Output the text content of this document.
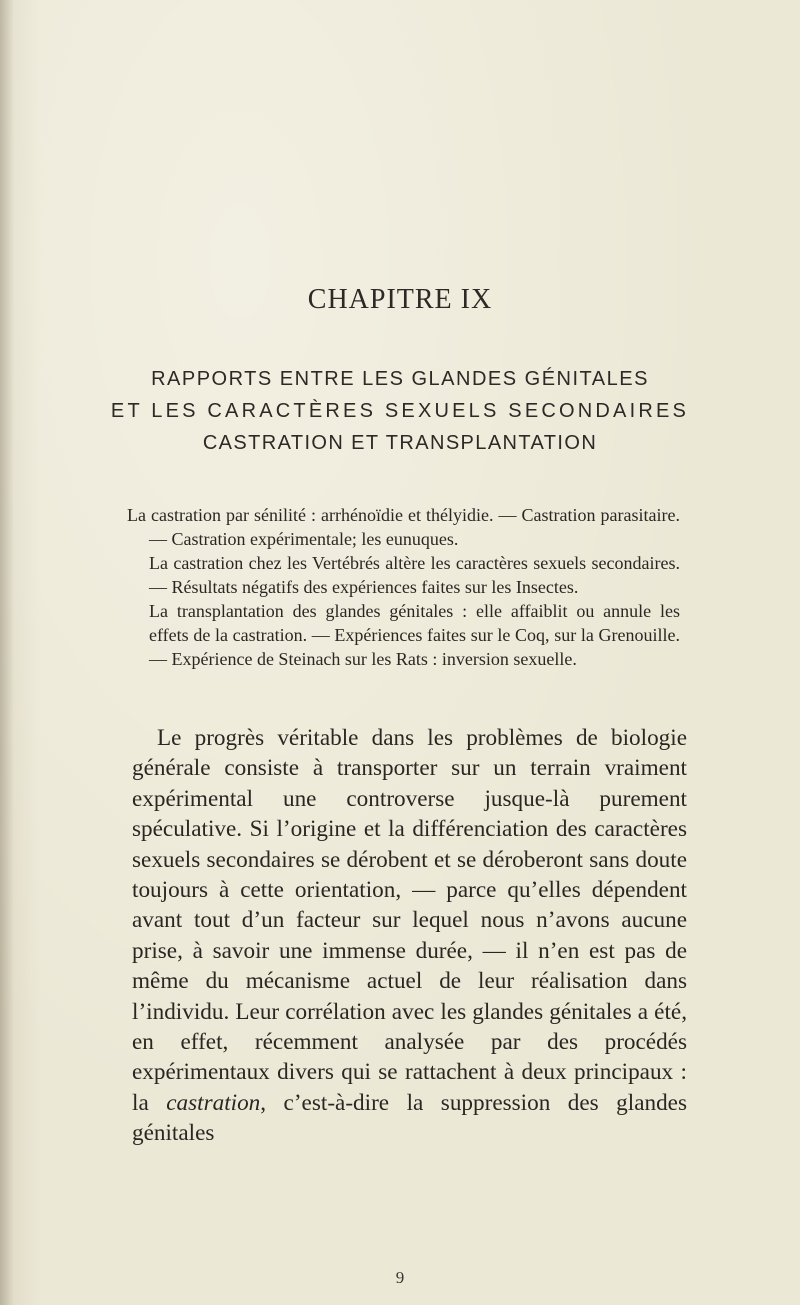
CHAPITRE IX
RAPPORTS ENTRE LES GLANDES GÉNITALES
ET LES CARACTÈRES SEXUELS SECONDAIRES
CASTRATION ET TRANSPLANTATION

La castration par sénilité : arrhénoïdie et thélyidie. — Castration parasitaire. — Castration expérimentale; les eunuques.

La castration chez les Vertébrés altère les caractères sexuels secondaires. — Résultats négatifs des expériences faites sur les Insectes.

La transplantation des glandes génitales : elle affaiblit ou annule les effets de la castration. — Expériences faites sur le Coq, sur la Grenouille. — Expérience de Steinach sur les Rats : inversion sexuelle.

Le progrès véritable dans les problèmes de biologie générale consiste à transporter sur un terrain vraiment expérimental une controverse jusque-là purement spéculative. Si l’origine et la différenciation des caractères sexuels secondaires se dérobent et se déroberont sans doute toujours à cette orientation, — parce qu’elles dépendent avant tout d’un facteur sur lequel nous n’avons aucune prise, à savoir une immense durée, — il n’en est pas de même du mécanisme actuel de leur réalisation dans l’individu. Leur corrélation avec les glandes génitales a été, en effet, récemment analysée par des procédés expérimentaux divers qui se rattachent à deux principaux : la castration, c’est-à-dire la suppression des glandes génitales

9
